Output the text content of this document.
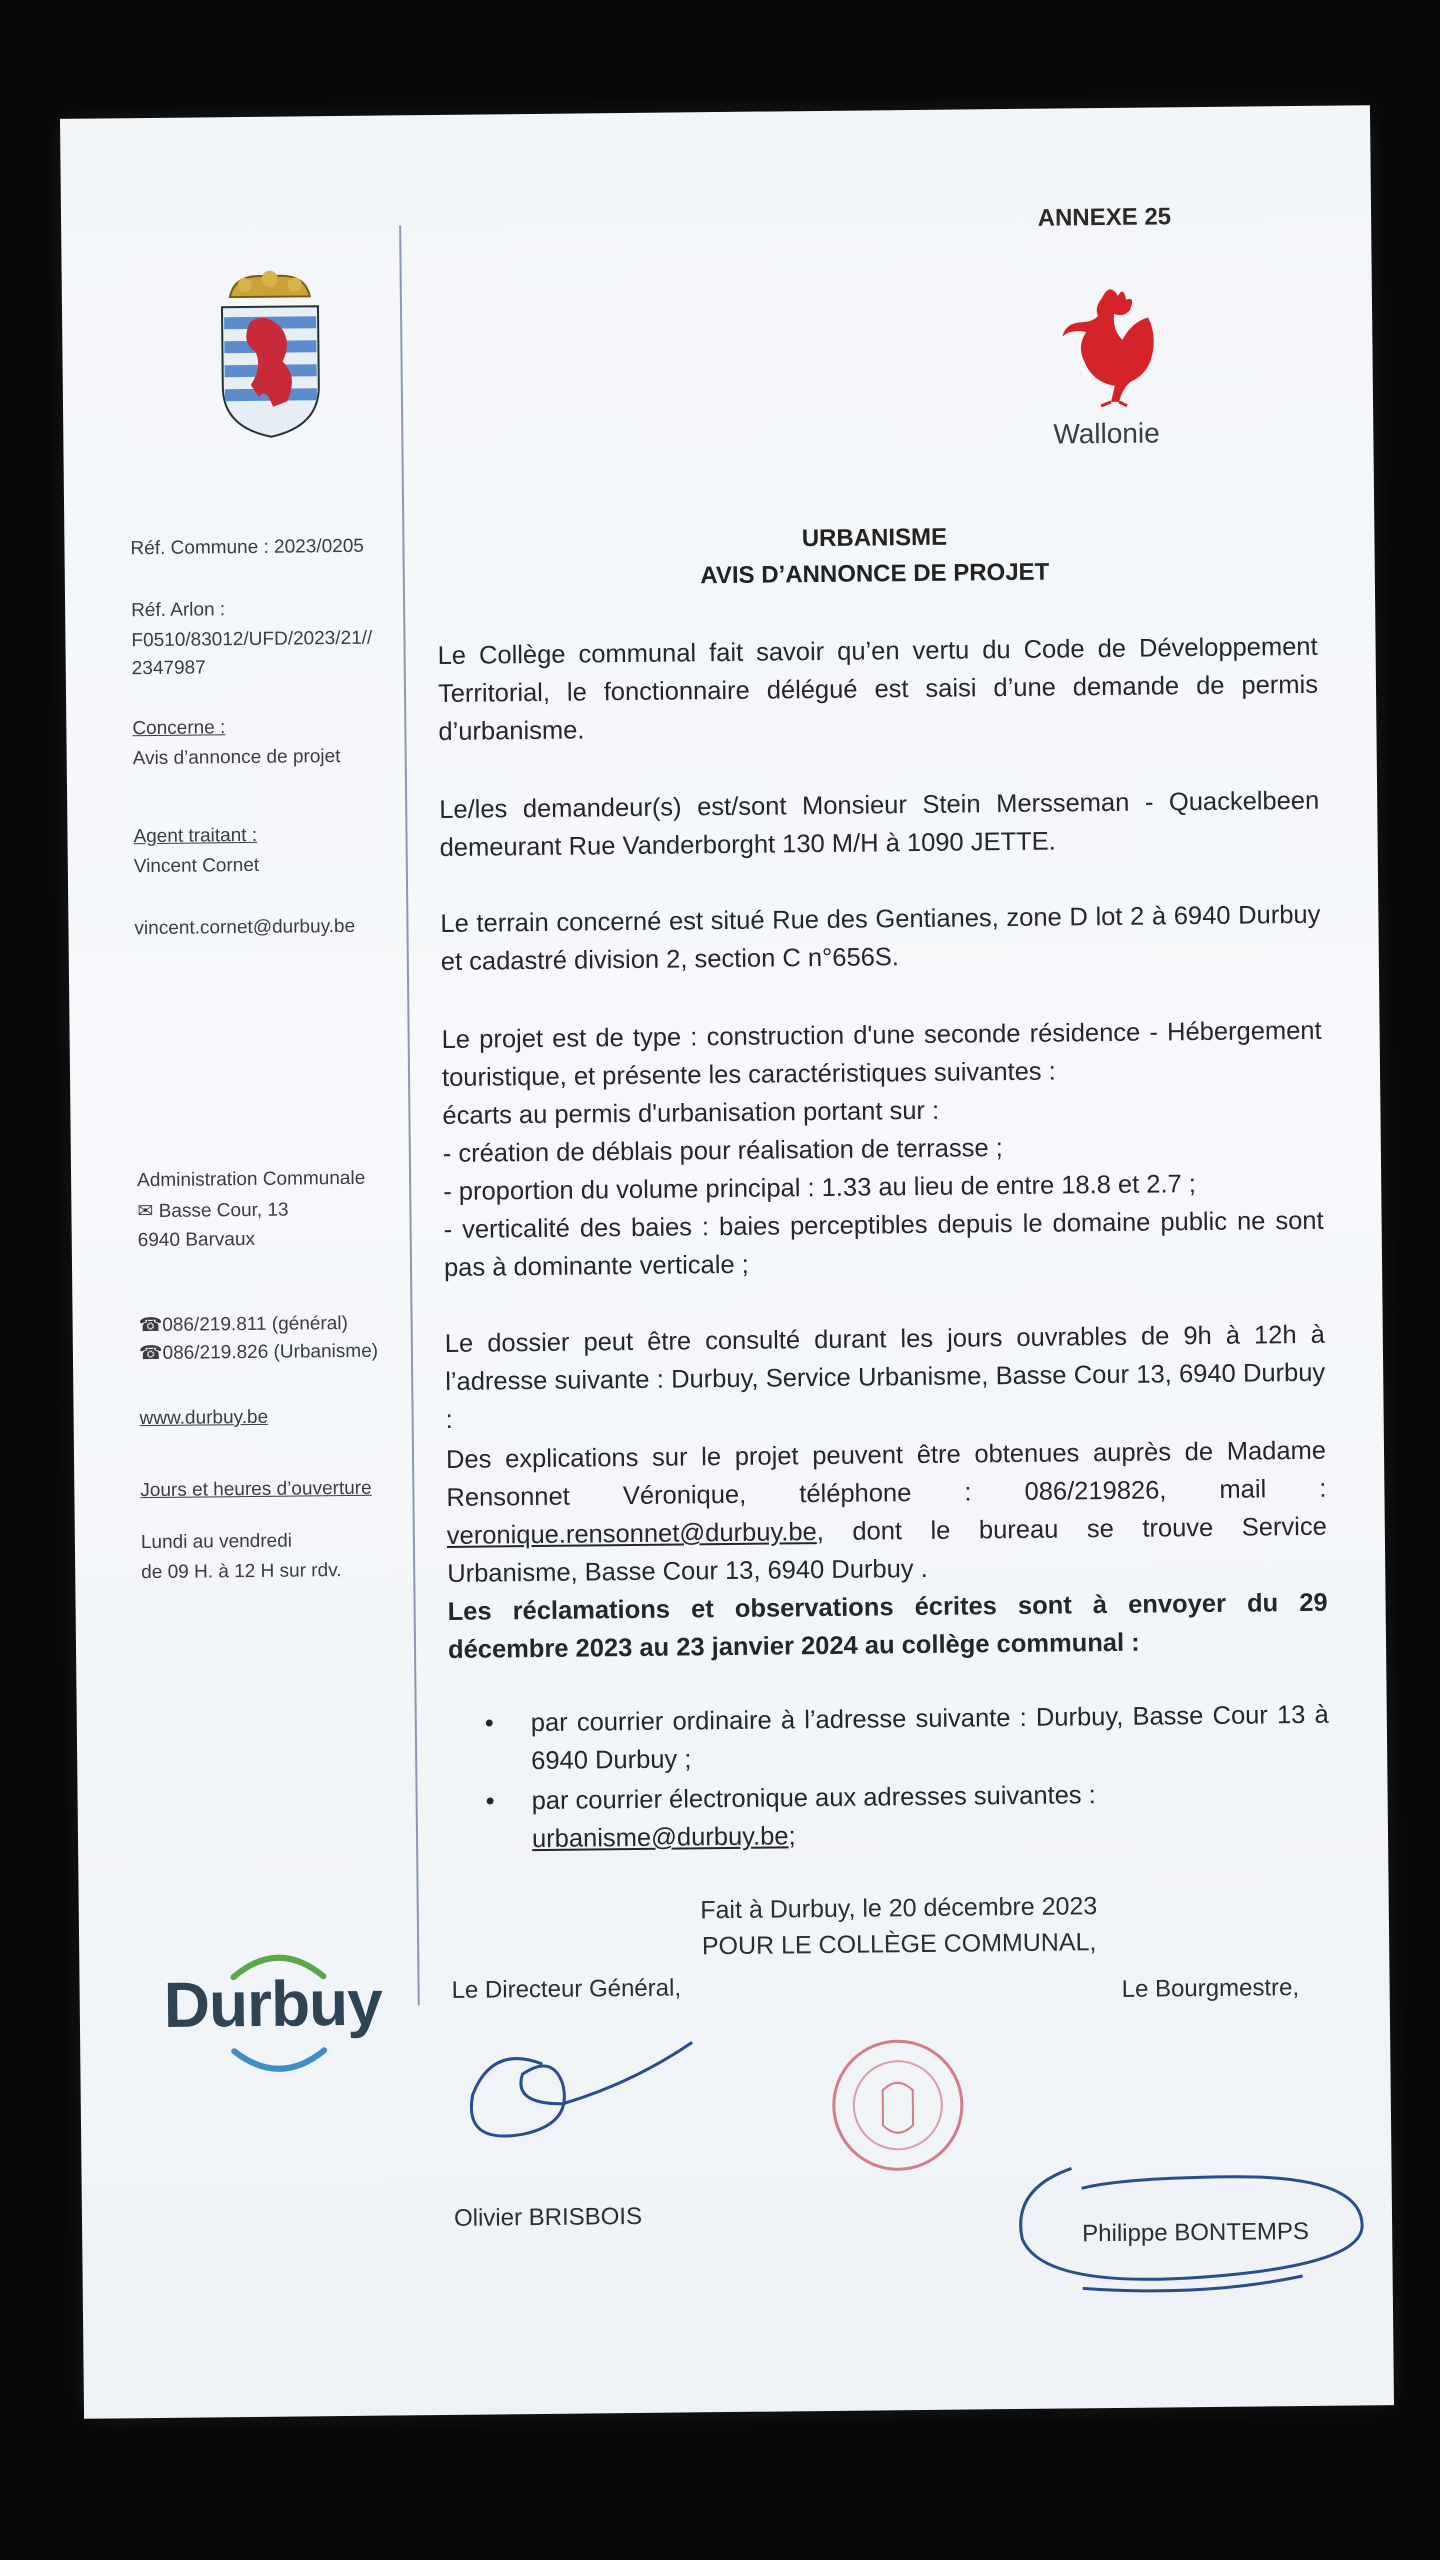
ANNEXE 25
Wallonie
Réf. Commune : 2023/0205
Réf. Arlon :
F0510/83012/UFD/2023/21//
2347987
Concerne :
Avis d’annonce de projet
Agent traitant :
Vincent Cornet
vincent.cornet@durbuy.be
Administration Communale
✉ Basse Cour, 13
6940 Barvaux
☎086/219.811 (général)
☎086/219.826 (Urbanisme)
www.durbuy.be
Jours et heures d’ouverture
Lundi au vendredi
de 09 H. à 12 H sur rdv.
Durbuy
URBANISME
AVIS D’ANNONCE DE PROJET
Le Collège communal fait savoir qu’en vertu du Code de Développement Territorial, le fonctionnaire délégué est saisi d’une demande de permis d’urbanisme.
Le/les demandeur(s) est/sont Monsieur Stein Mersseman - Quackelbeen demeurant Rue Vanderborght 130 M/H à 1090 JETTE.
Le terrain concerné est situé Rue des Gentianes, zone D lot 2 à 6940 Durbuy et cadastré division 2, section C n°656S.

Le projet est de type : construction d'une seconde résidence - Hébergement touristique, et présente les caractéristiques suivantes :

écarts au permis d'urbanisation portant sur :

- création de déblais pour réalisation de terrasse ;

- proportion du volume principal : 1.33 au lieu de entre 18.8 et 2.7 ;

- verticalité des baies : baies perceptibles depuis le domaine public ne sont pas à dominante verticale ;

Le dossier peut être consulté durant les jours ouvrables de 9h à 12h à l’adresse suivante : Durbuy, Service Urbanisme, Basse Cour 13, 6940 Durbuy :
Des explications sur le projet peuvent être obtenues auprès de Madame Rensonnet Véronique, téléphone : 086/219826, mail : veronique.rensonnet@durbuy.be, dont le bureau se trouve Service Urbanisme, Basse Cour 13, 6940 Durbuy .
Les réclamations et observations écrites sont à envoyer du 29 décembre 2023 au 23 janvier 2024 au collège communal :
• par courrier ordinaire à l’adresse suivante : Durbuy, Basse Cour 13 à 6940 Durbuy ;
• par courrier électronique aux adresses suivantes :
urbanisme@durbuy.be;
Fait à Durbuy, le 20 décembre 2023
POUR LE COLLÈGE COMMUNAL,
Le Directeur Général,	Le Bourgmestre,
Olivier BRISBOIS
Philippe BONTEMPS
